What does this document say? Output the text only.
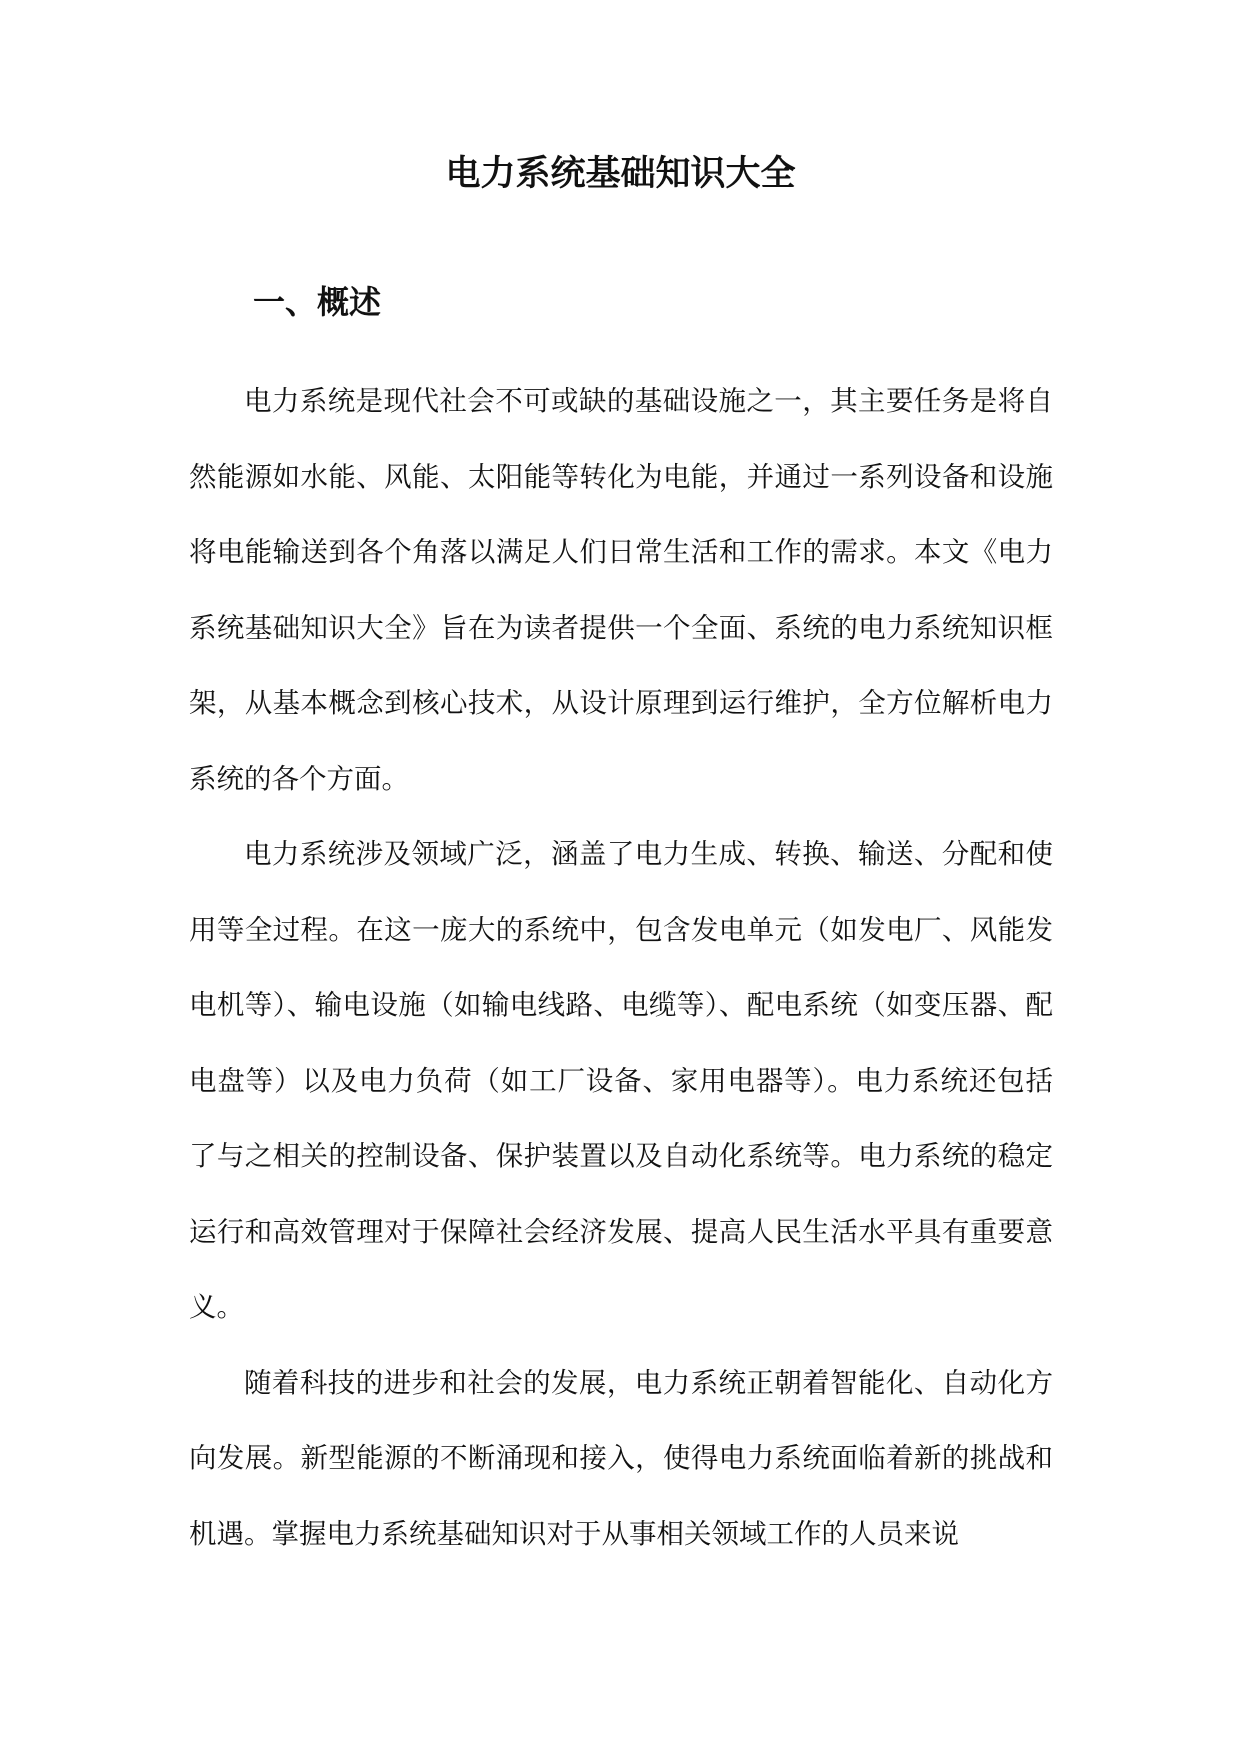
电力系统基础知识大全
一、概述

电力系统是现代社会不可或缺的基础设施之一，其主要任务是将自然能源如水能、风能、太阳能等转化为电能，并通过一系列设备和设施将电能输送到各个角落以满足人们日常生活和工作的需求。本文《电力系统基础知识大全》旨在为读者提供一个全面、系统的电力系统知识框架，从基本概念到核心技术，从设计原理到运行维护，全方位解析电力系统的各个方面。

电力系统涉及领域广泛，涵盖了电力生成、转换、输送、分配和使用等全过程。在这一庞大的系统中，包含发电单元（如发电厂、风能发电机等）、输电设施（如输电线路、电缆等）、配电系统（如变压器、配电盘等）以及电力负荷（如工厂设备、家用电器等）。电力系统还包括了与之相关的控制设备、保护装置以及自动化系统等。电力系统的稳定运行和高效管理对于保障社会经济发展、提高人民生活水平具有重要意义。

随着科技的进步和社会的发展，电力系统正朝着智能化、自动化方向发展。新型能源的不断涌现和接入，使得电力系统面临着新的挑战和机遇。掌握电力系统基础知识对于从事相关领域工作的人员来说
